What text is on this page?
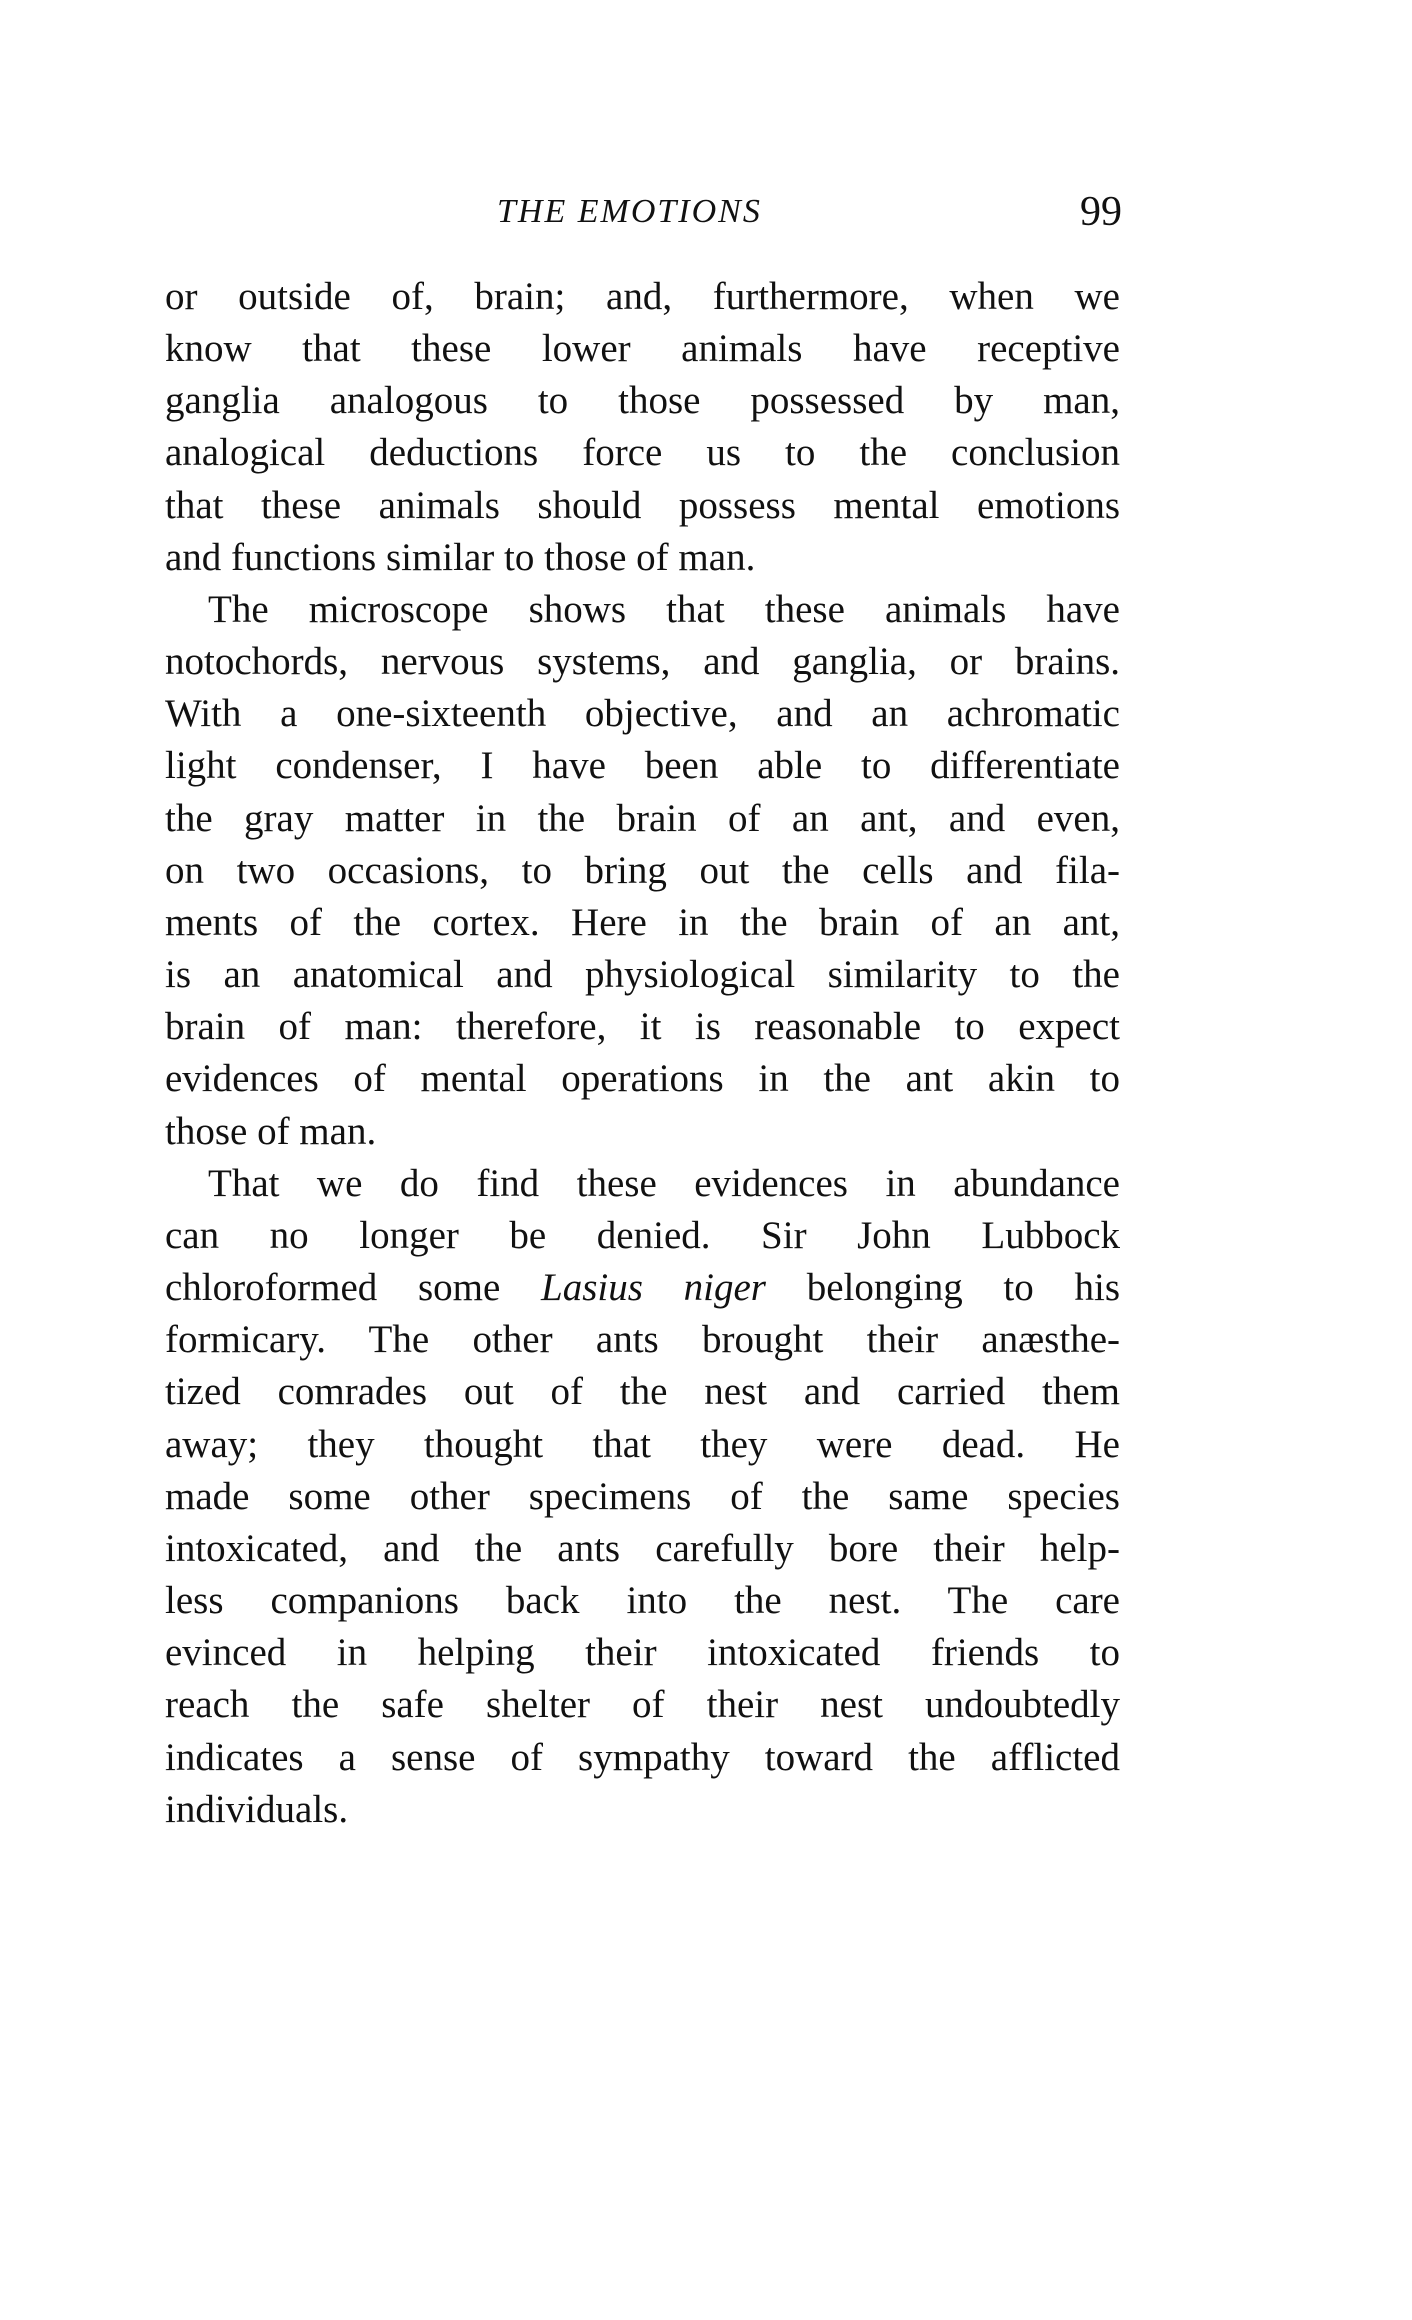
THE EMOTIONS	99
or outside of, brain; and, furthermore, when we
know that these lower animals have receptive
ganglia analogous to those possessed by man,
analogical deductions force us to the conclusion
that these animals should possess mental emotions
and functions similar to those of man.
The microscope shows that these animals have
notochords, nervous systems, and ganglia, or brains.
With a one-sixteenth objective, and an achromatic
light condenser, I have been able to differentiate
the gray matter in the brain of an ant, and even,
on two occasions, to bring out the cells and fila-
ments of the cortex. Here in the brain of an ant,
is an anatomical and physiological similarity to the
brain of man: therefore, it is reasonable to expect
evidences of mental operations in the ant akin to
those of man.
That we do find these evidences in abundance
can no longer be denied. Sir John Lubbock
chloroformed some Lasius niger belonging to his
formicary. The other ants brought their anæsthe-
tized comrades out of the nest and carried them
away; they thought that they were dead. He
made some other specimens of the same species
intoxicated, and the ants carefully bore their help-
less companions back into the nest. The care
evinced in helping their intoxicated friends to
reach the safe shelter of their nest undoubtedly
indicates a sense of sympathy toward the afflicted
individuals.
